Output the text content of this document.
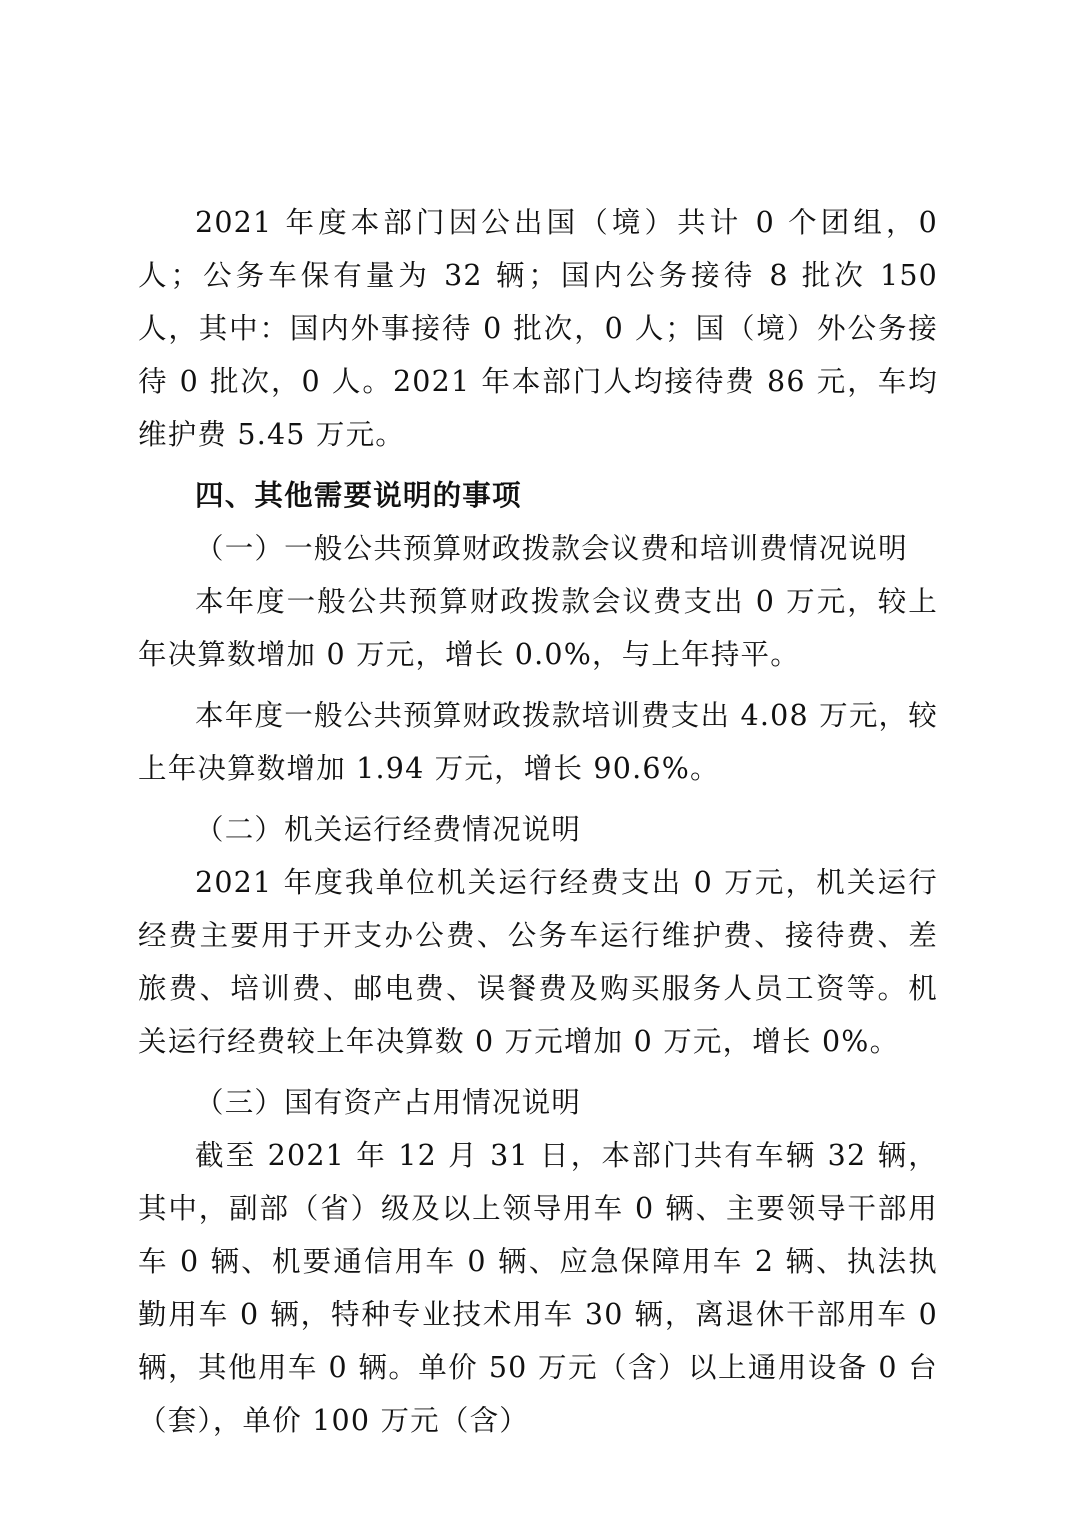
2021 年度本部门因公出国（境）共计 0 个团组，0 人；公务车保有量为 32 辆；国内公务接待 8 批次 150 人，其中：国内外事接待 0 批次，0 人；国（境）外公务接待 0 批次，0 人。2021 年本部门人均接待费 86 元，车均维护费 5.45 万元。

四、其他需要说明的事项

（一）一般公共预算财政拨款会议费和培训费情况说明

本年度一般公共预算财政拨款会议费支出 0 万元，较上年决算数增加 0 万元，增长 0.0%，与上年持平。

本年度一般公共预算财政拨款培训费支出 4.08 万元，较上年决算数增加 1.94 万元，增长 90.6%。

（二）机关运行经费情况说明

2021 年度我单位机关运行经费支出 0 万元，机关运行经费主要用于开支办公费、公务车运行维护费、接待费、差旅费、培训费、邮电费、误餐费及购买服务人员工资等。机关运行经费较上年决算数 0 万元增加 0 万元，增长 0%。

（三）国有资产占用情况说明

截至 2021 年 12 月 31 日，本部门共有车辆 32 辆，其中，副部（省）级及以上领导用车 0 辆、主要领导干部用车 0 辆、机要通信用车 0 辆、应急保障用车 2 辆、执法执勤用车 0 辆，特种专业技术用车 30 辆，离退休干部用车 0 辆，其他用车 0 辆。单价 50 万元（含）以上通用设备 0 台（套），单价 100 万元（含）
